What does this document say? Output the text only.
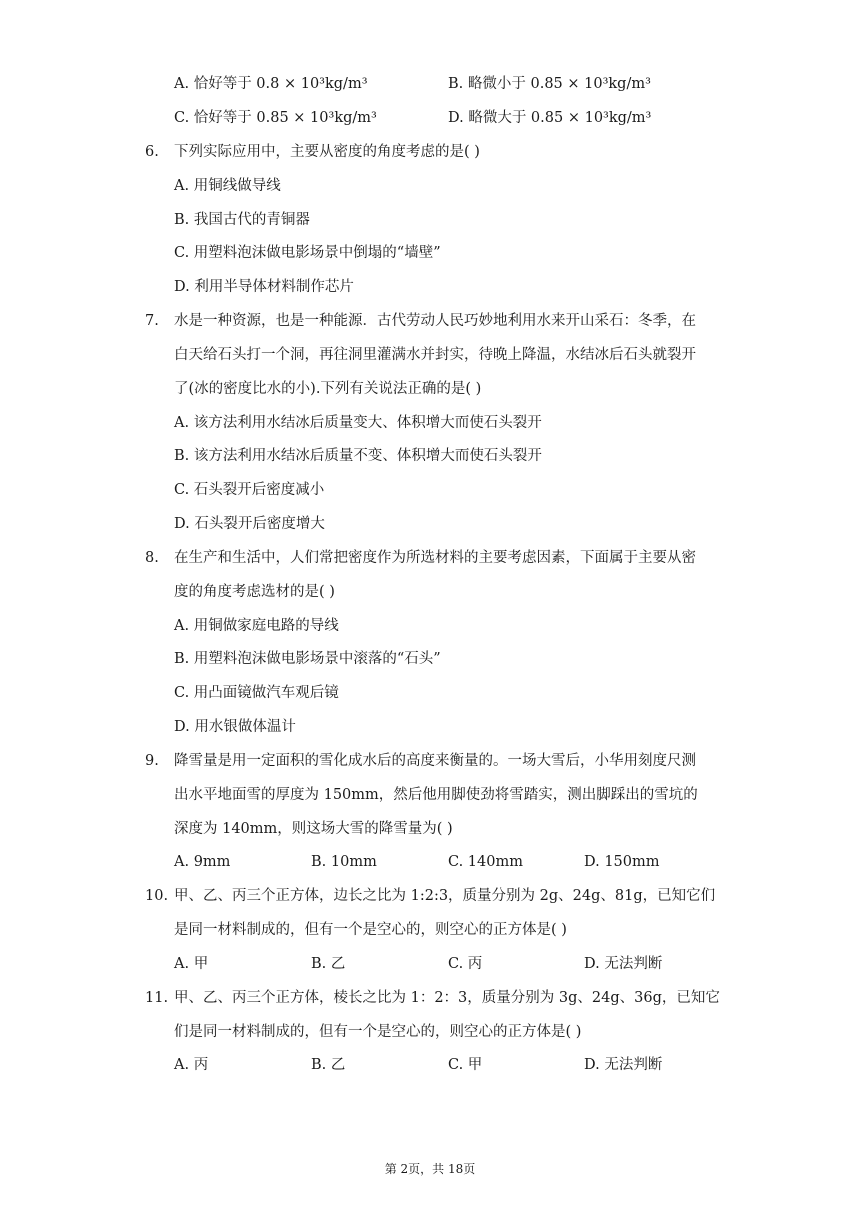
A. 恰好等于 0.8 × 10³kg/m³	B. 略微小于 0.85 × 10³kg/m³
C. 恰好等于 0.85 × 10³kg/m³	D. 略微大于 0.85 × 10³kg/m³
6. 下列实际应用中，主要从密度的角度考虑的是( )
A. 用铜线做导线
B. 我国古代的青铜器
C. 用塑料泡沫做电影场景中倒塌的“墙壁”
D. 利用半导体材料制作芯片
7. 水是一种资源，也是一种能源．古代劳动人民巧妙地利用水来开山采石：冬季，在
白天给石头打一个洞，再往洞里灌满水并封实，待晚上降温，水结冰后石头就裂开
了(冰的密度比水的小).下列有关说法正确的是( )
A. 该方法利用水结冰后质量变大、体积增大而使石头裂开
B. 该方法利用水结冰后质量不变、体积增大而使石头裂开
C. 石头裂开后密度减小
D. 石头裂开后密度增大
8. 在生产和生活中，人们常把密度作为所选材料的主要考虑因素，下面属于主要从密
度的角度考虑选材的是( )
A. 用铜做家庭电路的导线
B. 用塑料泡沫做电影场景中滚落的“石头”
C. 用凸面镜做汽车观后镜
D. 用水银做体温计
9. 降雪量是用一定面积的雪化成水后的高度来衡量的。一场大雪后，小华用刻度尺测
出水平地面雪的厚度为 150mm，然后他用脚使劲将雪踏实，测出脚踩出的雪坑的
深度为 140mm，则这场大雪的降雪量为( )
A. 9mm	B. 10mm	C. 140mm	D. 150mm
10. 甲、乙、丙三个正方体，边长之比为 1:2:3，质量分别为 2g、24g、81g，已知它们
是同一材料制成的，但有一个是空心的，则空心的正方体是( )
A. 甲	B. 乙	C. 丙	D. 无法判断
11. 甲、乙、丙三个正方体，棱长之比为 1：2：3，质量分别为 3g、24g、36g，已知它
们是同一材料制成的，但有一个是空心的，则空心的正方体是( )
A. 丙	B. 乙	C. 甲	D. 无法判断
第 2页，共 18页
